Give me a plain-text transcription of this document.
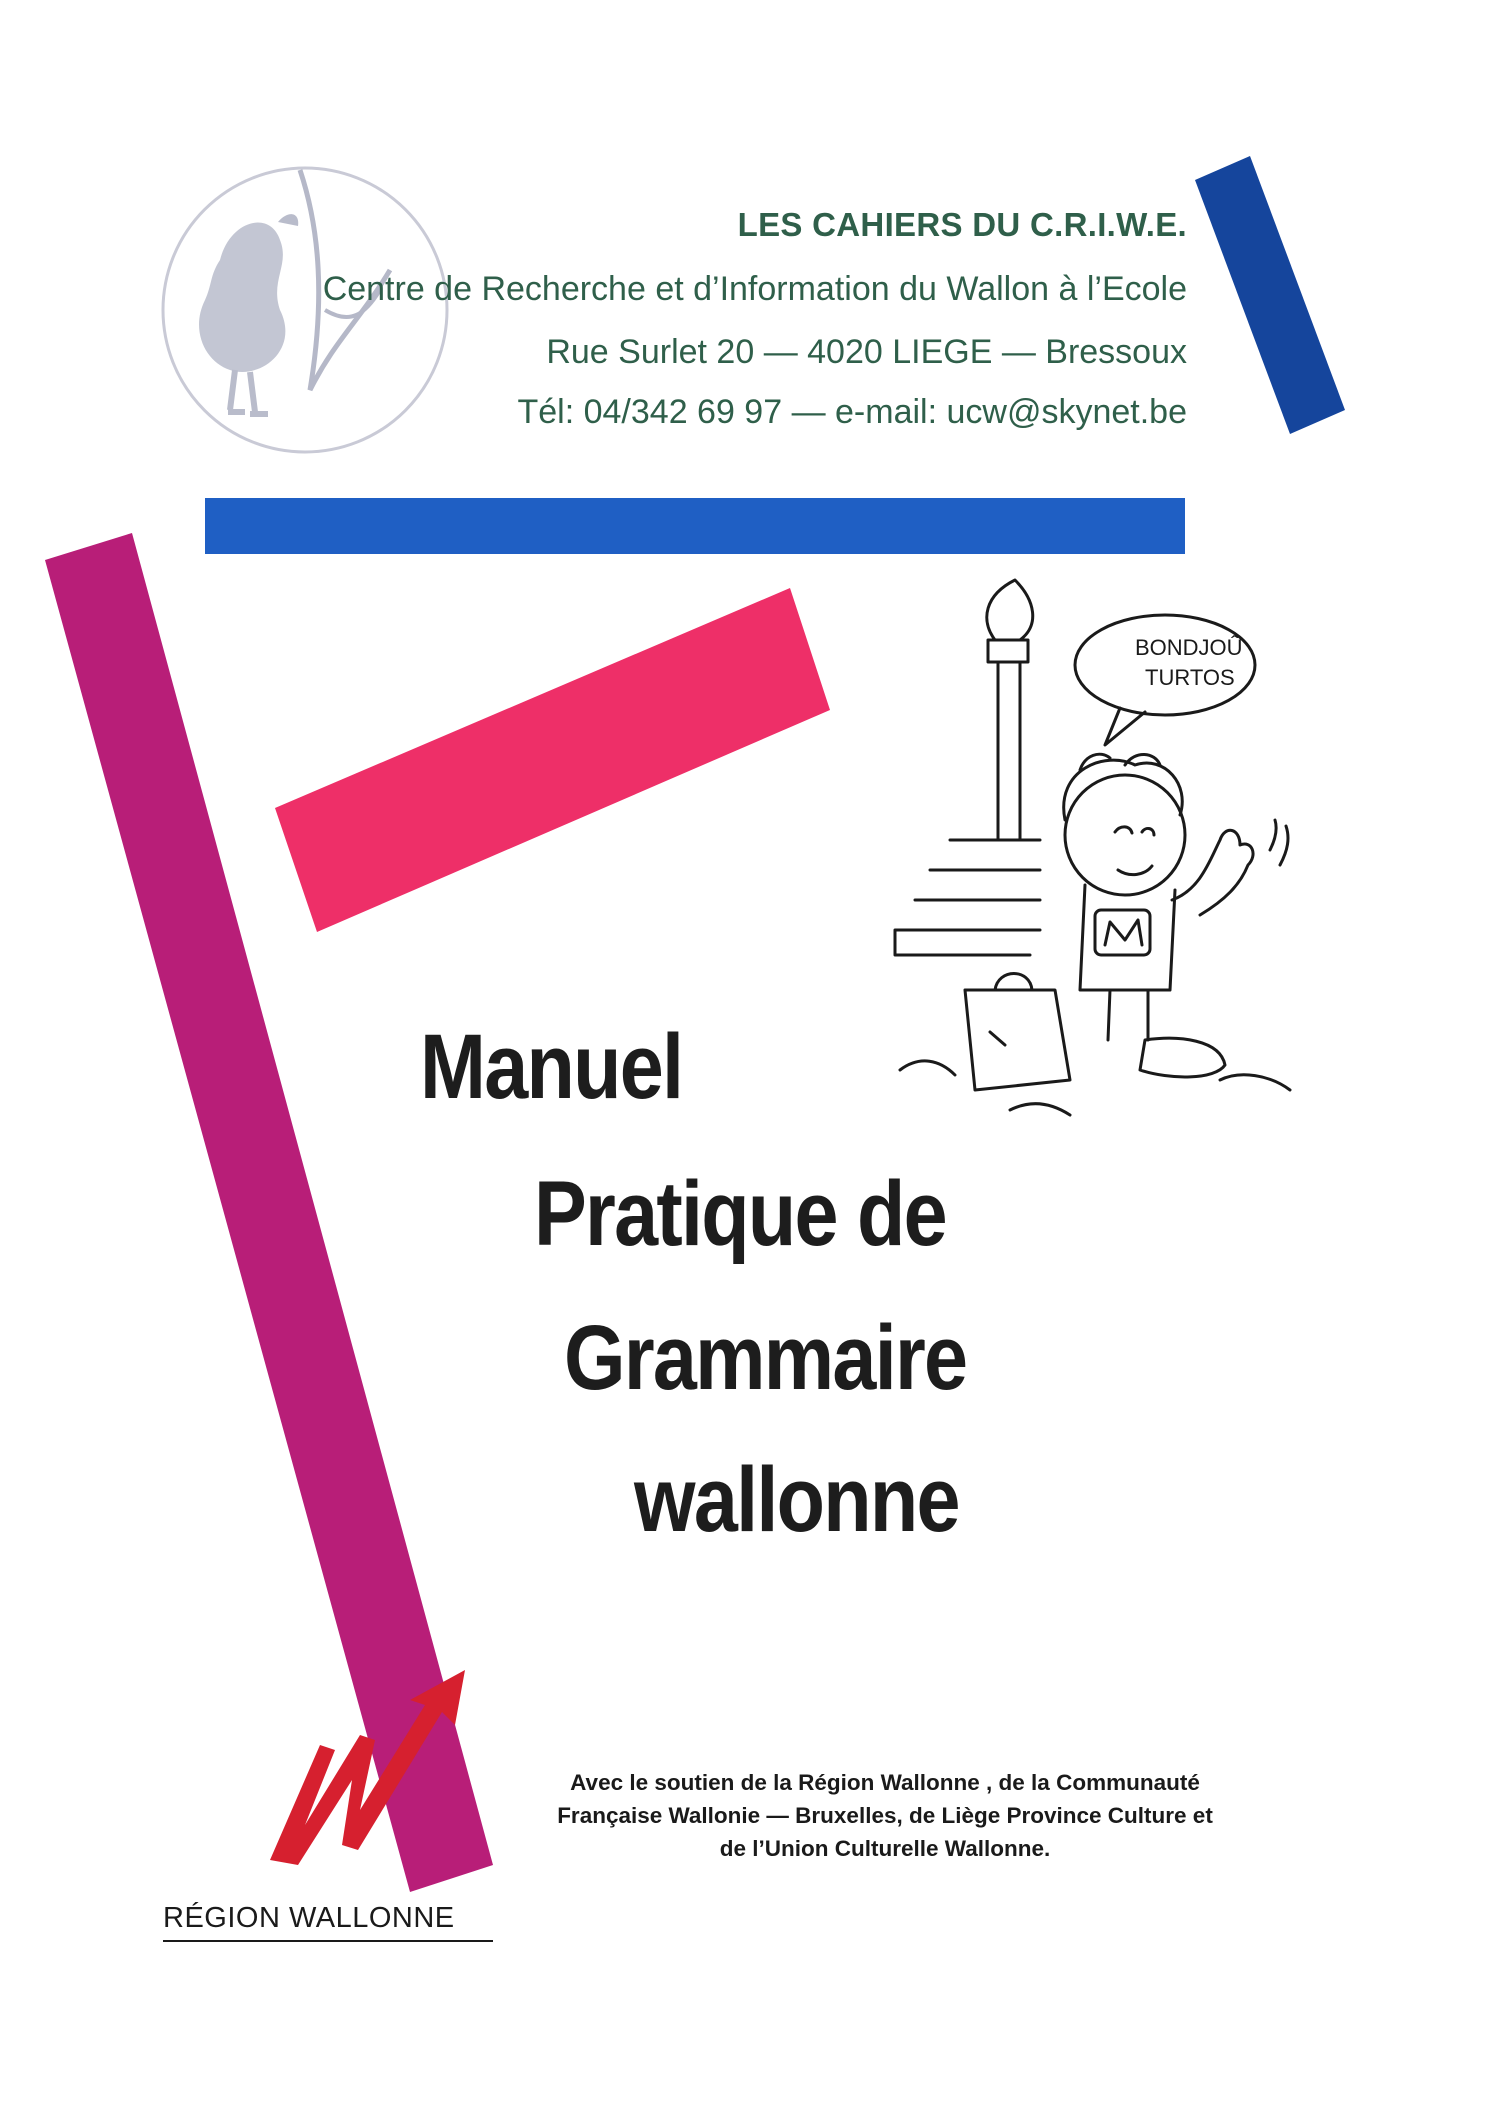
LES CAHIERS DU C.R.I.W.E.
Centre de Recherche et d’Information du Wallon à l’Ecole
Rue Surlet 20 — 4020 LIEGE — Bressoux
Tél: 04/342 69 97 — e-mail: ucw@skynet.be
BONDJOÛ
TURTOS
Manuel
Pratique de
Grammaire
wallonne
Avec le soutien de la Région Wallonne , de la Communauté
Française Wallonie — Bruxelles, de Liège Province Culture et
de l’Union Culturelle Wallonne.
RÉGION WALLONNE
